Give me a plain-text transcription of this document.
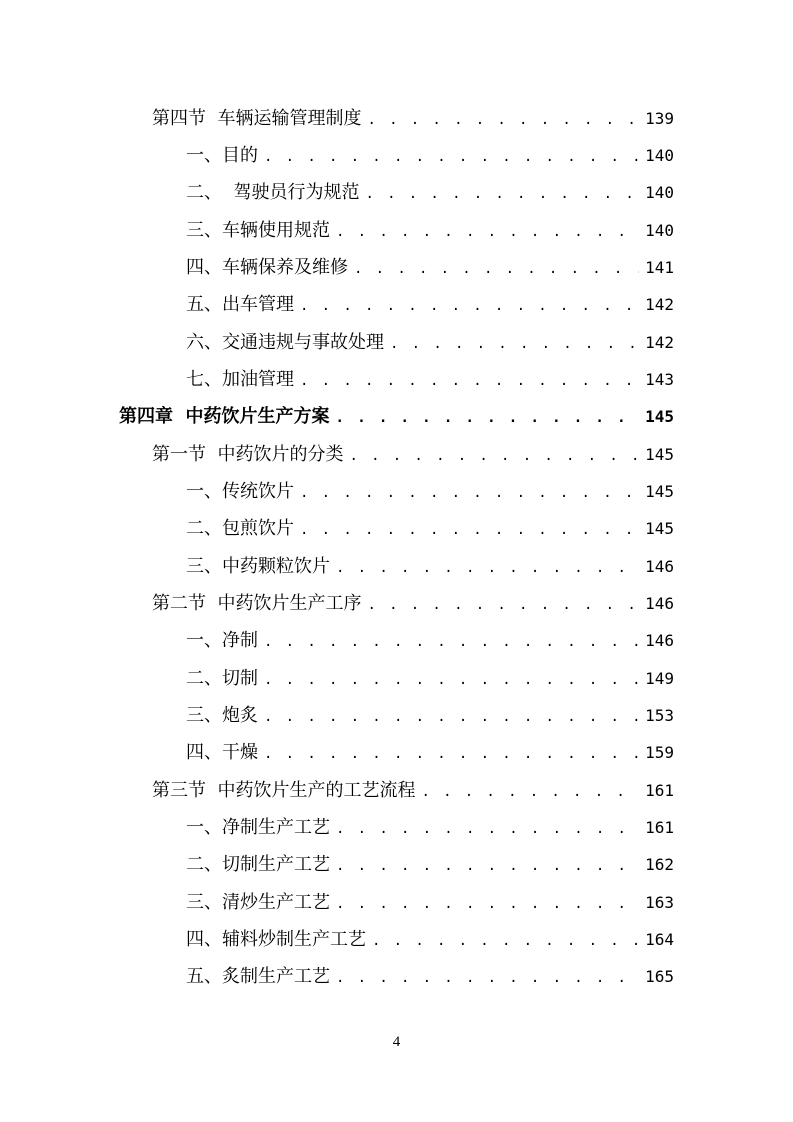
第四节  车辆运输管理制度 . . .	139
一、目的 . . .	140
二、  驾驶员行为规范 . . .	140
三、车辆使用规范 . . .	140
四、车辆保养及维修 . . .	141
五、出车管理 . . .	142
六、交通违规与事故处理 . . .	142
七、加油管理 . . .	143
第四章  中药饮片生产方案 . . .	145
第一节  中药饮片的分类 . . .	145
一、传统饮片 . . .	145
二、包煎饮片 . . .	145
三、中药颗粒饮片 . . .	146
第二节  中药饮片生产工序 . . .	146
一、净制 . . .	146
二、切制 . . .	149
三、炮炙 . . .	153
四、干燥 . . .	159
第三节  中药饮片生产的工艺流程 . . .	161
一、净制生产工艺 . . .	161
二、切制生产工艺 . . .	162
三、清炒生产工艺 . . .	163
四、辅料炒制生产工艺 . . .	164
五、炙制生产工艺 . . .	165
4
